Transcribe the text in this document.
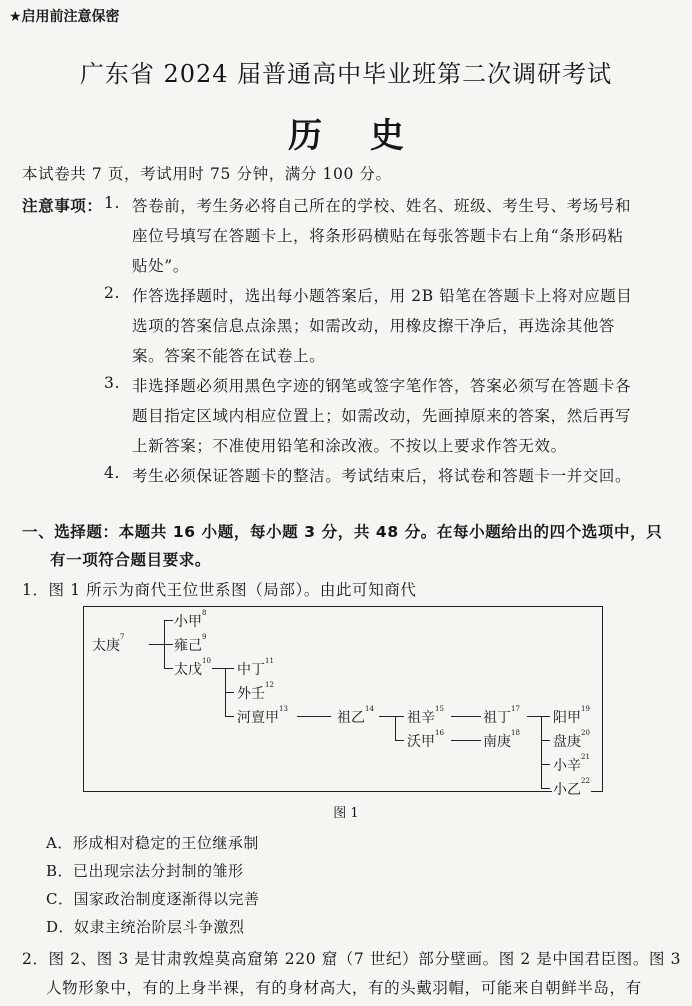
★启用前注意保密
广东省 2024 届普通高中毕业班第二次调研考试
历 史
本试卷共 7 页，考试用时 75 分钟，满分 100 分。
注意事项： 1. 答卷前，考生务必将自己所在的学校、姓名、班级、考生号、考场号和
座位号填写在答题卡上，将条形码横贴在每张答题卡右上角“条形码粘
贴处”。
2. 作答选择题时，选出每小题答案后，用 2B 铅笔在答题卡上将对应题目
选项的答案信息点涂黑；如需改动，用橡皮擦干净后，再选涂其他答
案。答案不能答在试卷上。
3. 非选择题必须用黑色字迹的钢笔或签字笔作答，答案必须写在答题卡各
题目指定区域内相应位置上；如需改动，先画掉原来的答案，然后再写
上新答案；不准使用铅笔和涂改液。不按以上要求作答无效。
4. 考生必须保证答题卡的整洁。考试结束后，将试卷和答题卡一并交回。
一、选择题：本题共 16 小题，每小题 3 分，共 48 分。在每小题给出的四个选项中，只
有一项符合题目要求。
1．图 1 所示为商代王位世系图（局部）。由此可知商代
太庚$^7$
小甲$^8$
雍己$^9$
太戊$^{10}$
中丁$^{11}$
外壬$^{12}$
河亶甲$^{13}$
祖乙$^{14}$
祖辛$^{15}$
沃甲$^{16}$
祖丁$^{17}$
南庚$^{18}$
阳甲$^{19}$
盘庚$^{20}$
小辛$^{21}$
小乙$^{22}$
图 1
A．形成相对稳定的王位继承制
B．已出现宗法分封制的雏形
C．国家政治制度逐渐得以完善
D．奴隶主统治阶层斗争激烈
2．图 2、图 3 是甘肃敦煌莫高窟第 220 窟（7 世纪）部分壁画。图 2 是中国君臣图。图 3
人物形象中，有的上身半裸，有的身材高大，有的头戴羽帽，可能来自朝鲜半岛，有
